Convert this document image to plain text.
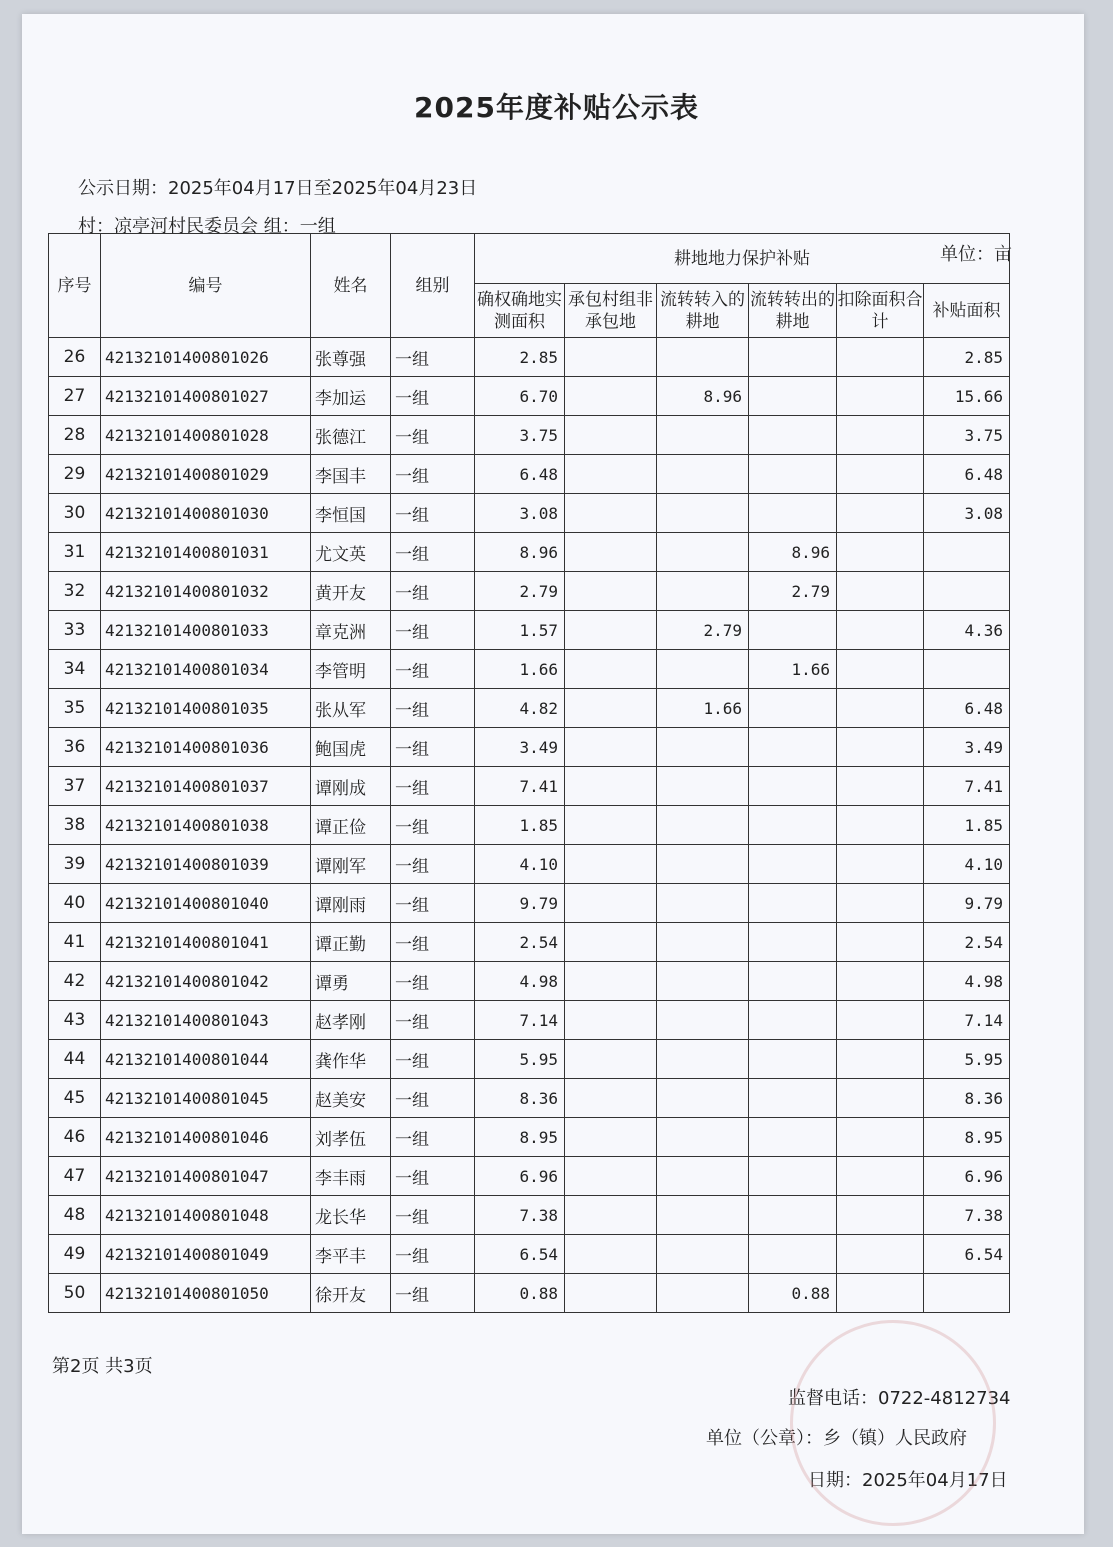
2025年度补贴公示表
公示日期：2025年04月17日至2025年04月23日
村：凉亭河村民委员会 组：一组
单位：亩
序号	编号	姓名	组别	耕地地力保护补贴					
				确权确地实测面积	承包村组非承包地	流转转入的耕地	流转转出的耕地	扣除面积合计	补贴面积
26	42132101400801026	张尊强	一组	2.85					2.85
27	42132101400801027	李加运	一组	6.70		8.96			15.66
28	42132101400801028	张德江	一组	3.75					3.75
29	42132101400801029	李国丰	一组	6.48					6.48
30	42132101400801030	李恒国	一组	3.08					3.08
31	42132101400801031	尤文英	一组	8.96			8.96		
32	42132101400801032	黄开友	一组	2.79			2.79		
33	42132101400801033	章克洲	一组	1.57		2.79			4.36
34	42132101400801034	李管明	一组	1.66			1.66		
35	42132101400801035	张从军	一组	4.82		1.66			6.48
36	42132101400801036	鲍国虎	一组	3.49					3.49
37	42132101400801037	谭刚成	一组	7.41					7.41
38	42132101400801038	谭正俭	一组	1.85					1.85
39	42132101400801039	谭刚军	一组	4.10					4.10
40	42132101400801040	谭刚雨	一组	9.79					9.79
41	42132101400801041	谭正勤	一组	2.54					2.54
42	42132101400801042	谭勇	一组	4.98					4.98
43	42132101400801043	赵孝刚	一组	7.14					7.14
44	42132101400801044	龚作华	一组	5.95					5.95
45	42132101400801045	赵美安	一组	8.36					8.36
46	42132101400801046	刘孝伍	一组	8.95					8.95
47	42132101400801047	李丰雨	一组	6.96					6.96
48	42132101400801048	龙长华	一组	7.38					7.38
49	42132101400801049	李平丰	一组	6.54					6.54
50	42132101400801050	徐开友	一组	0.88			0.88		
第2页 共3页
监督电话：0722-4812734
单位（公章）：乡（镇）人民政府
日期：2025年04月17日
